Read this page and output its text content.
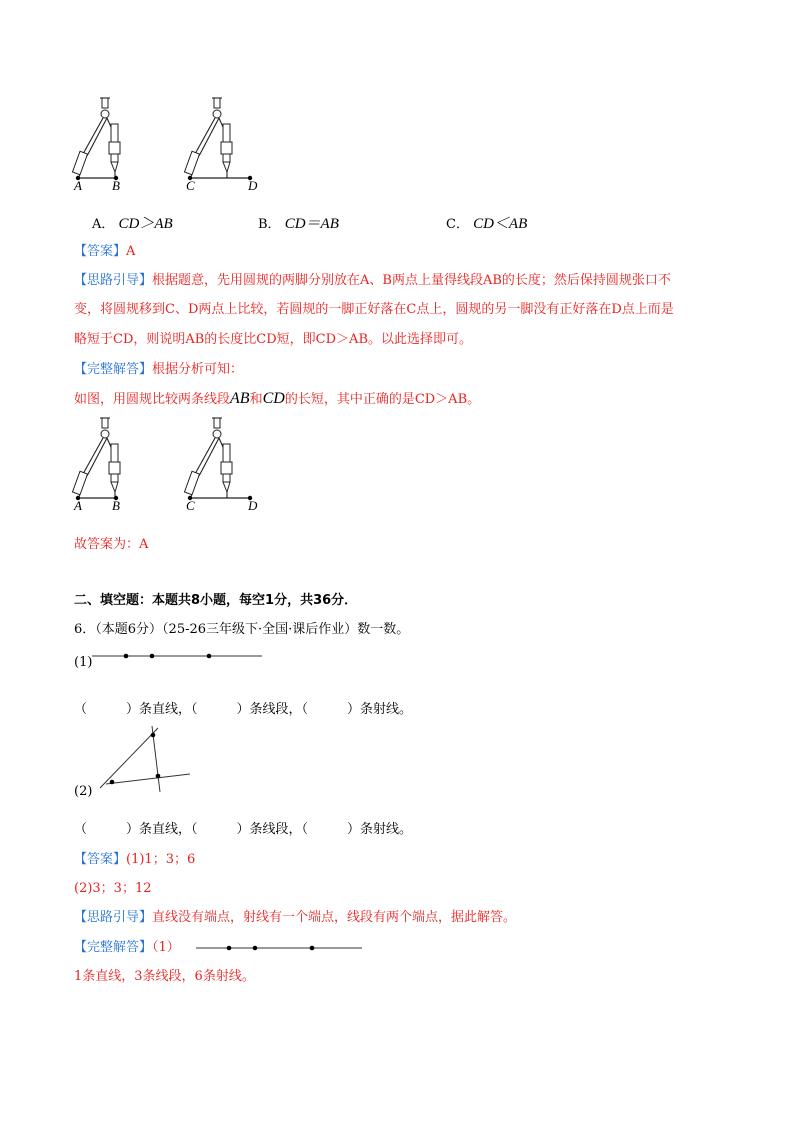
A B	C	D
A． CD＞AB	B． CD＝AB	C． CD＜AB
【答案】A
【思路引导】根据题意，先用圆规的两脚分别放在A、B两点上量得线段AB的长度；然后保持圆规张口不
变，将圆规移到C、D两点上比较，若圆规的一脚正好落在C点上，圆规的另一脚没有正好落在D点上而是
略短于CD，则说明AB的长度比CD短，即CD＞AB。以此选择即可。
【完整解答】根据分析可知：
如图，用圆规比较两条线段AB和CD的长短，其中正确的是CD＞AB。
A B	C	D
故答案为：A
二、填空题：本题共8小题，每空1分，共36分．
6．（本题6分）（25-26三年级下·全国·课后作业）数一数。
(1)
（　　　）条直线，（　　　）条线段，（　　　）条射线。
(2)
（　　　）条直线，（　　　）条线段，（　　　）条射线。
【答案】(1)1；3；6
(2)3；3；12
【思路引导】直线没有端点，射线有一个端点，线段有两个端点，据此解答。
【完整解答】（1）
1条直线，3条线段，6条射线。
